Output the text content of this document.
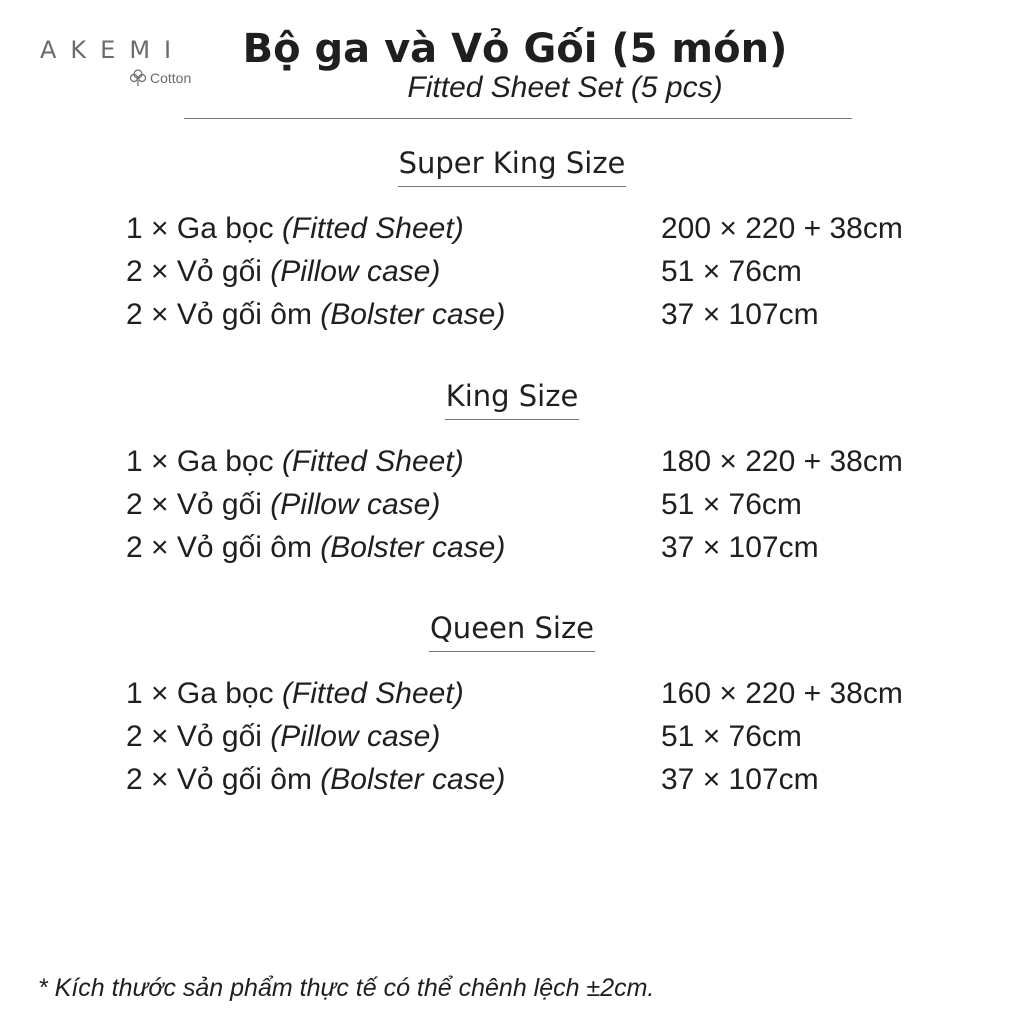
AKEMI
Cotton
Bộ ga và Vỏ Gối (5 món)
Fitted Sheet Set (5 pcs)
Super King Size
1 × Ga bọc (Fitted Sheet)	200 × 220 + 38cm
2 × Vỏ gối (Pillow case)	51 × 76cm
2 × Vỏ gối ôm (Bolster case)	37 × 107cm
King Size
1 × Ga bọc (Fitted Sheet)	180 × 220 + 38cm
2 × Vỏ gối (Pillow case)	51 × 76cm
2 × Vỏ gối ôm (Bolster case)	37 × 107cm
Queen Size
1 × Ga bọc (Fitted Sheet)	160 × 220 + 38cm
2 × Vỏ gối (Pillow case)	51 × 76cm
2 × Vỏ gối ôm (Bolster case)	37 × 107cm
* Kích thước sản phẩm thực tế có thể chênh lệch ±2cm.
